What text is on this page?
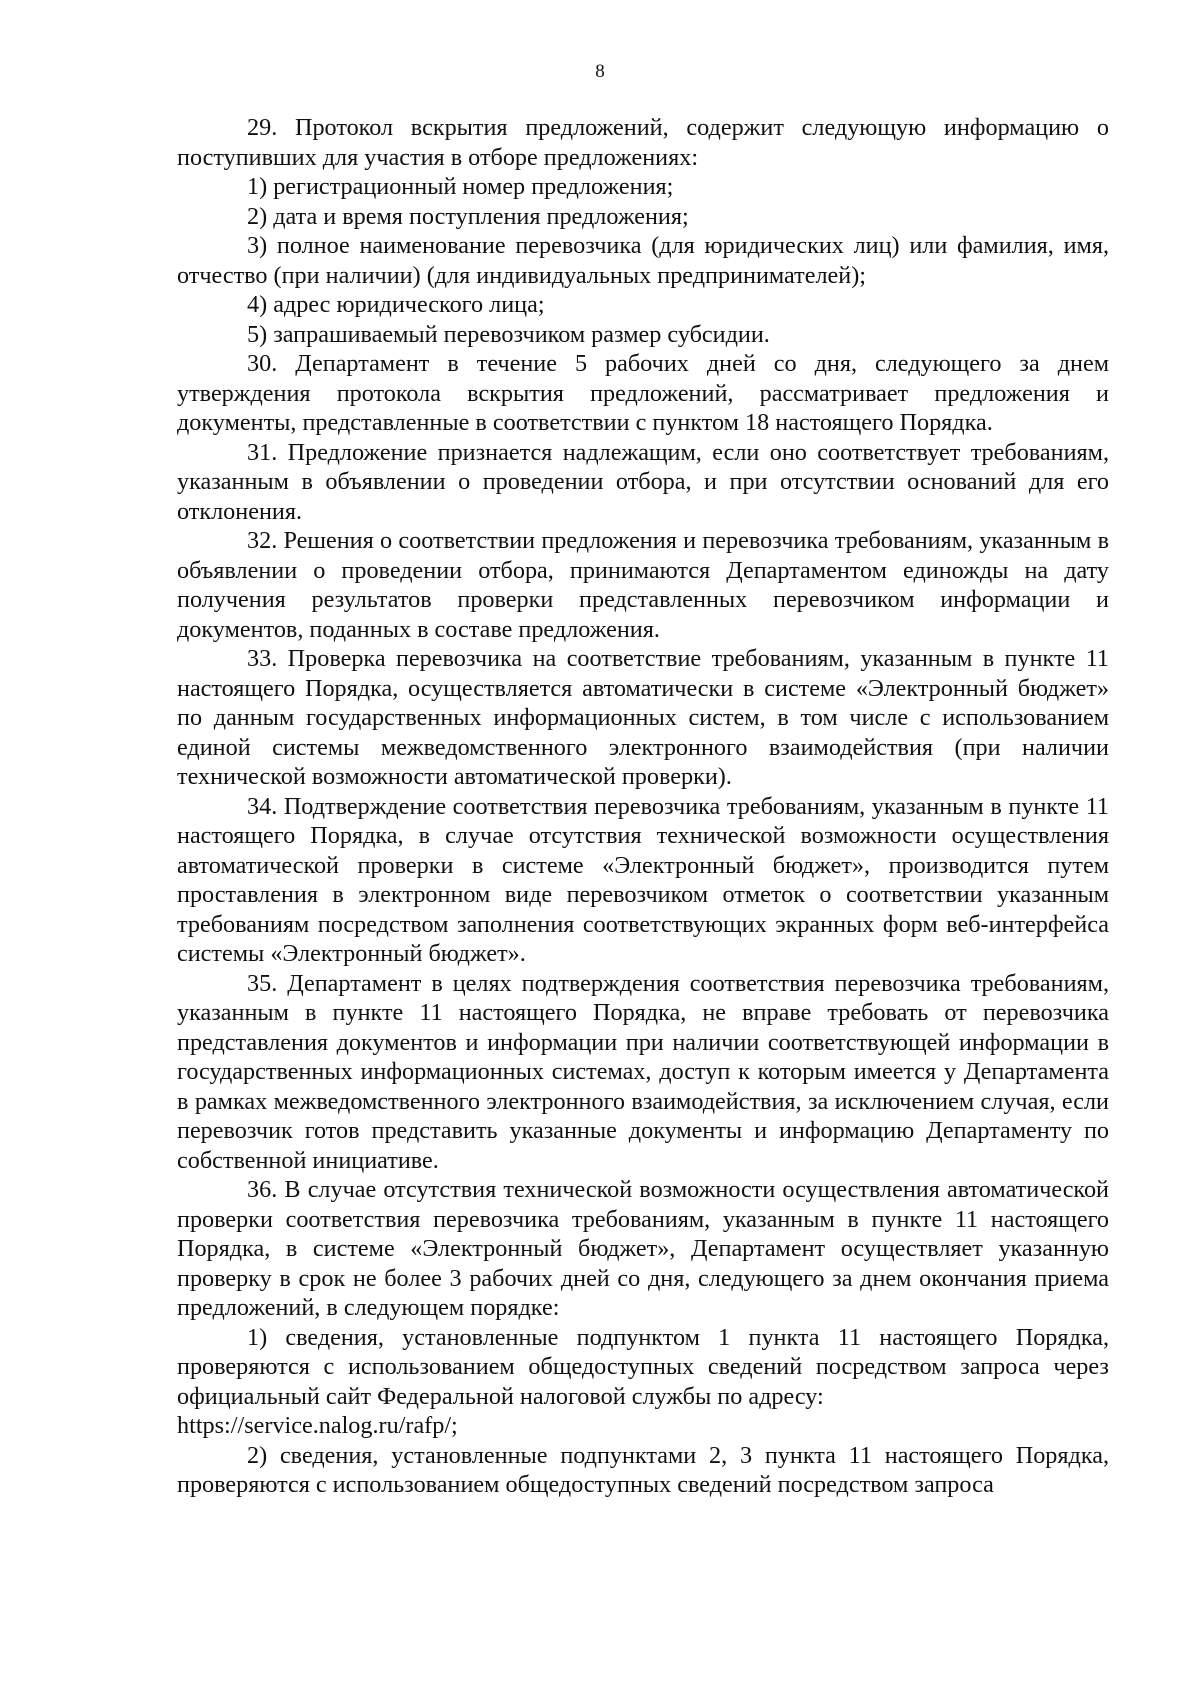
8

29. Протокол вскрытия предложений, содержит следующую информацию о поступивших для участия в отборе предложениях:

1) регистрационный номер предложения;

2) дата и время поступления предложения;

3) полное наименование перевозчика (для юридических лиц) или фамилия, имя, отчество (при наличии) (для индивидуальных предпринимателей);

4) адрес юридического лица;

5) запрашиваемый перевозчиком размер субсидии.

30. Департамент в течение 5 рабочих дней со дня, следующего за днем утверждения протокола вскрытия предложений, рассматривает предложения и документы, представленные в соответствии с пунктом 18 настоящего Порядка.

31. Предложение признается надлежащим, если оно соответствует требованиям, указанным в объявлении о проведении отбора, и при отсутствии оснований для его отклонения.

32. Решения о соответствии предложения и перевозчика требованиям, указанным в объявлении о проведении отбора, принимаются Департаментом единожды на дату получения результатов проверки представленных перевозчиком информации и документов, поданных в составе предложения.

33. Проверка перевозчика на соответствие требованиям, указанным в пункте 11 настоящего Порядка, осуществляется автоматически в системе «Электронный бюджет» по данным государственных информационных систем, в том числе с использованием единой системы межведомственного электронного взаимодействия (при наличии технической возможности автоматической проверки).

34. Подтверждение соответствия перевозчика требованиям, указанным в пункте 11 настоящего Порядка, в случае отсутствия технической возможности осуществления автоматической проверки в системе «Электронный бюджет», производится путем проставления в электронном виде перевозчиком отметок о соответствии указанным требованиям посредством заполнения соответствующих экранных форм веб-интерфейса системы «Электронный бюджет».

35. Департамент в целях подтверждения соответствия перевозчика требованиям, указанным в пункте 11 настоящего Порядка, не вправе требовать от перевозчика представления документов и информации при наличии соответствующей информации в государственных информационных системах, доступ к которым имеется у Департамента в рамках межведомственного электронного взаимодействия, за исключением случая, если перевозчик готов представить указанные документы и информацию Департаменту по собственной инициативе.

36. В случае отсутствия технической возможности осуществления автоматической проверки соответствия перевозчика требованиям, указанным в пункте 11 настоящего Порядка, в системе «Электронный бюджет», Департамент осуществляет указанную проверку в срок не более 3 рабочих дней со дня, следующего за днем окончания приема предложений, в следующем порядке:

1) сведения, установленные подпунктом 1 пункта 11 настоящего Порядка, проверяются с использованием общедоступных сведений посредством запроса через официальный сайт Федеральной налоговой службы по адресу:

https://service.nalog.ru/rafp/;

2) сведения, установленные подпунктами 2, 3 пункта 11 настоящего Порядка, проверяются с использованием общедоступных сведений посредством запроса
